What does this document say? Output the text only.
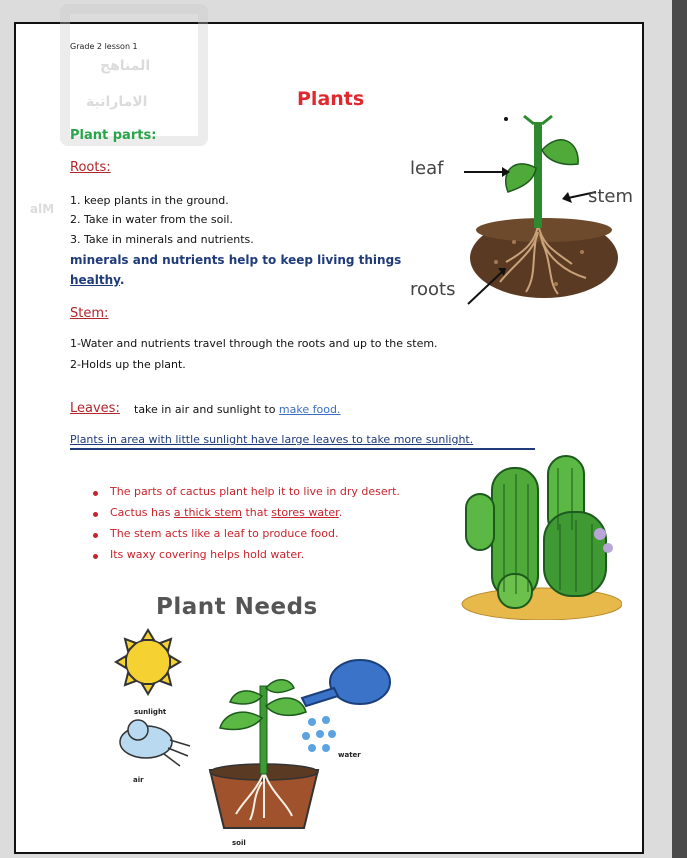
المناهج
الاماراتية
alM
Grade 2 lesson 1
Plants
Plant parts:
Roots:
1. keep plants in the ground.
2. Take in water from the soil.
3. Take in minerals and nutrients.
minerals and nutrients help to keep living things
healthy.
leaf
stem
roots
Stem:
1-Water and nutrients travel through the roots and up to the stem.
2-Holds up the plant.
Leaves: take in air and sunlight to make food.
Plants in area with little sunlight have large leaves to take more sunlight.
The parts of cactus plant help it to live in dry desert.
Cactus has a thick stem that stores water.
The stem acts like a leaf to produce food.
Its waxy covering helps hold water.
Plant Needs
sunlight
air
water
soil
